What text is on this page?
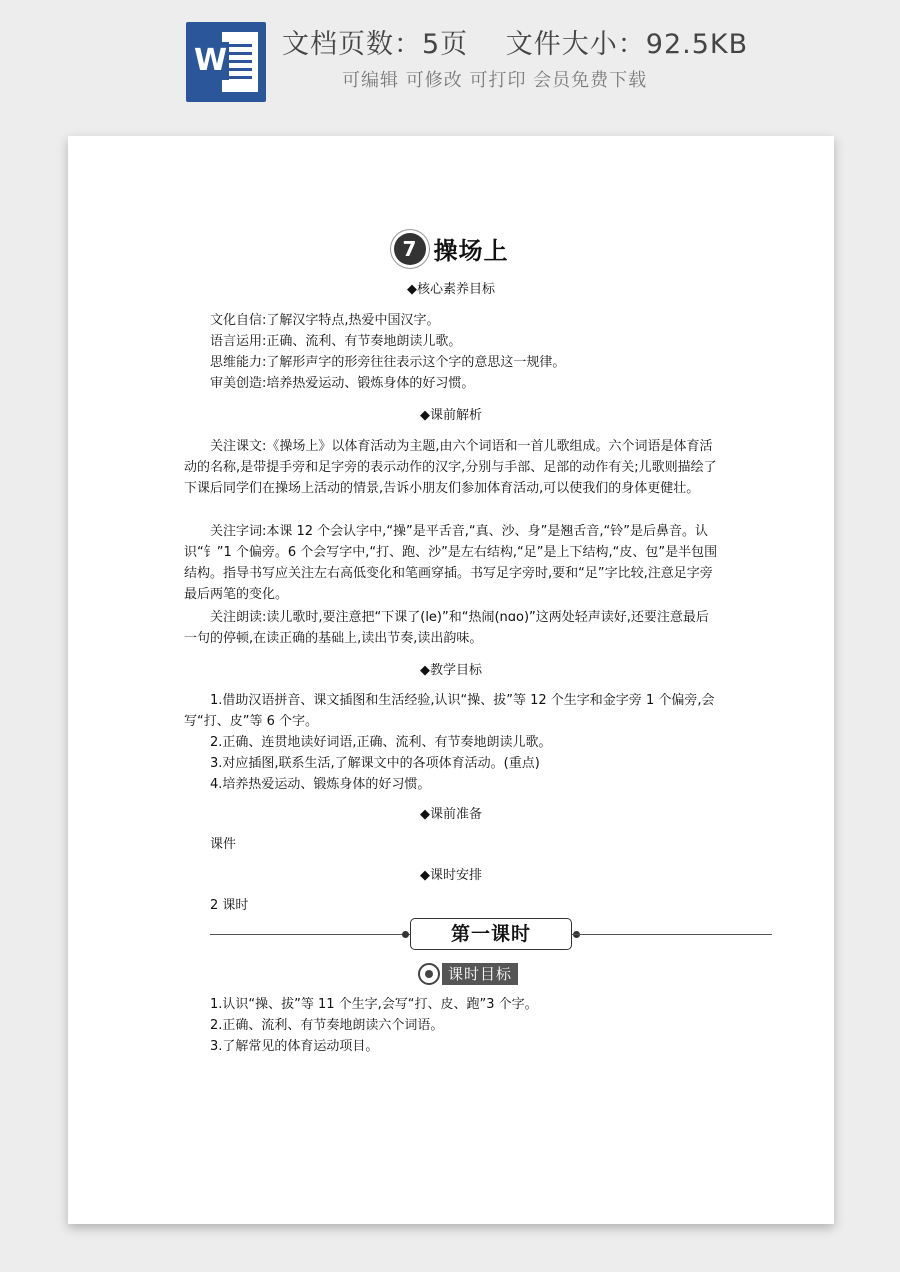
W 文档页数：5页　 文件大小：92.5KB
可编辑 可修改 可打印 会员免费下载
7 操场上
◆核心素养目标
文化自信:了解汉字特点,热爱中国汉字。
语言运用:正确、流利、有节奏地朗读儿歌。
思维能力:了解形声字的形旁往往表示这个字的意思这一规律。
审美创造:培养热爱运动、锻炼身体的好习惯。
◆课前解析
关注课文:《操场上》以体育活动为主题,由六个词语和一首儿歌组成。六个词语是体育活动的名称,是带提手旁和足字旁的表示动作的汉字,分别与手部、足部的动作有关;儿歌则描绘了下课后同学们在操场上活动的情景,告诉小朋友们参加体育活动,可以使我们的身体更健壮。
关注字词:本课 12 个会认字中,“操”是平舌音,“真、沙、身”是翘舌音,“铃”是后鼻音。认识“钅”1 个偏旁。6 个会写字中,“打、跑、沙”是左右结构,“足”是上下结构,“皮、包”是半包围结构。指导书写应关注左右高低变化和笔画穿插。书写足字旁时,要和“足”字比较,注意足字旁最后两笔的变化。
关注朗读:读儿歌时,要注意把“下课了(le)”和“热闹(nɑo)”这两处轻声读好,还要注意最后一句的停顿,在读正确的基础上,读出节奏,读出韵味。
◆教学目标
1.借助汉语拼音、课文插图和生活经验,认识“操、拔”等 12 个生字和金字旁 1 个偏旁,会写“打、皮”等 6 个字。
2.正确、连贯地读好词语,正确、流利、有节奏地朗读儿歌。
3.对应插图,联系生活,了解课文中的各项体育活动。(重点)
4.培养热爱运动、锻炼身体的好习惯。
◆课前准备
课件
◆课时安排
2 课时
第一课时
课时目标
1.认识“操、拔”等 11 个生字,会写“打、皮、跑”3 个字。
2.正确、流利、有节奏地朗读六个词语。
3.了解常见的体育运动项目。
